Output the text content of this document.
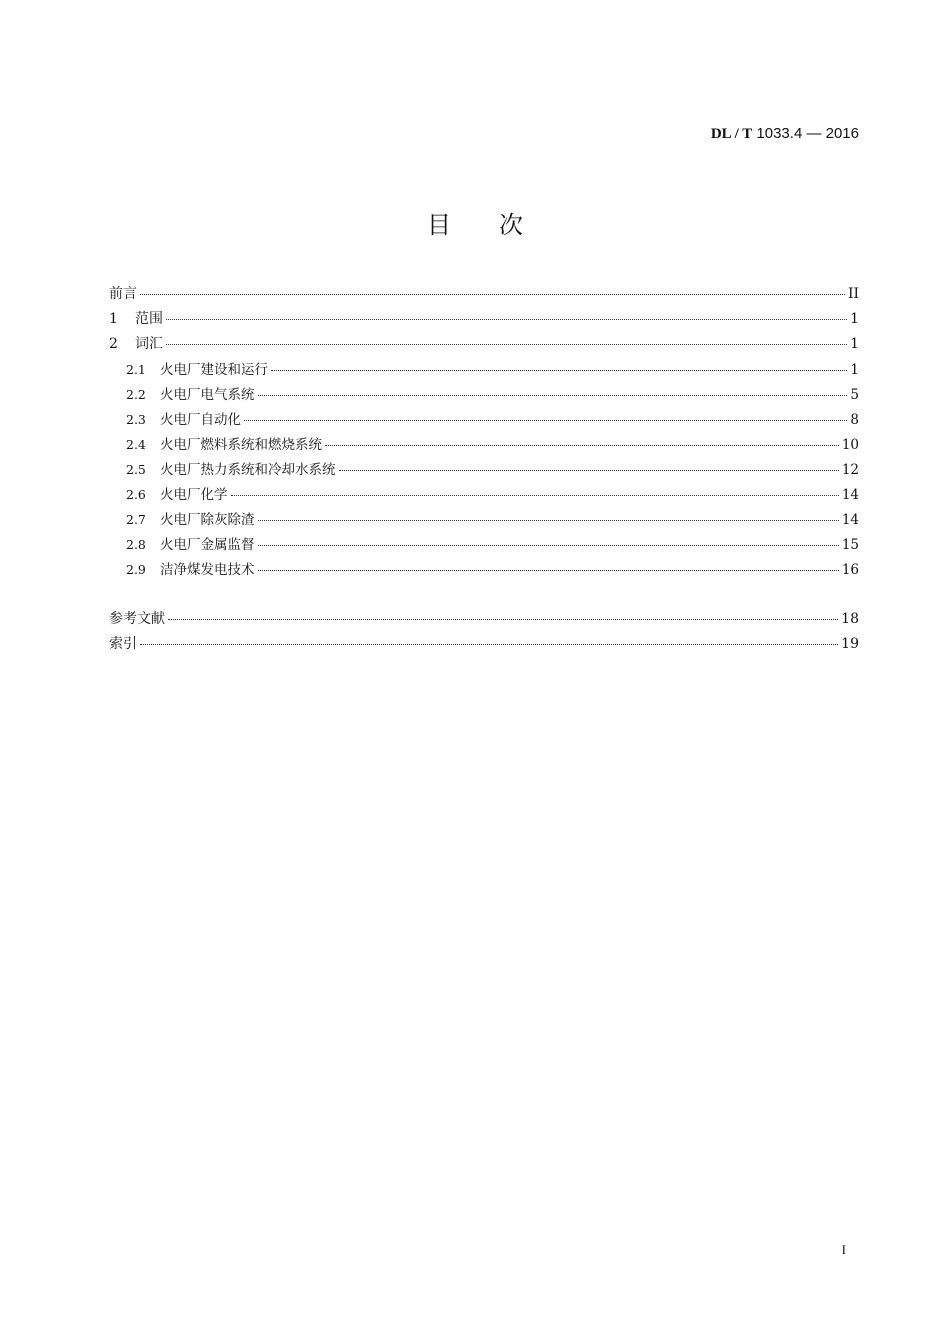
DL / T 1033.4 — 2016
目次
前言	II
1	范围	1
2	词汇	1
2.1	火电厂建设和运行	1
2.2	火电厂电气系统	5
2.3	火电厂自动化	8
2.4	火电厂燃料系统和燃烧系统	10
2.5	火电厂热力系统和冷却水系统	12
2.6	火电厂化学	14
2.7	火电厂除灰除渣	14
2.8	火电厂金属监督	15
2.9	洁净煤发电技术	16
参考文献	18
索引	19
I
